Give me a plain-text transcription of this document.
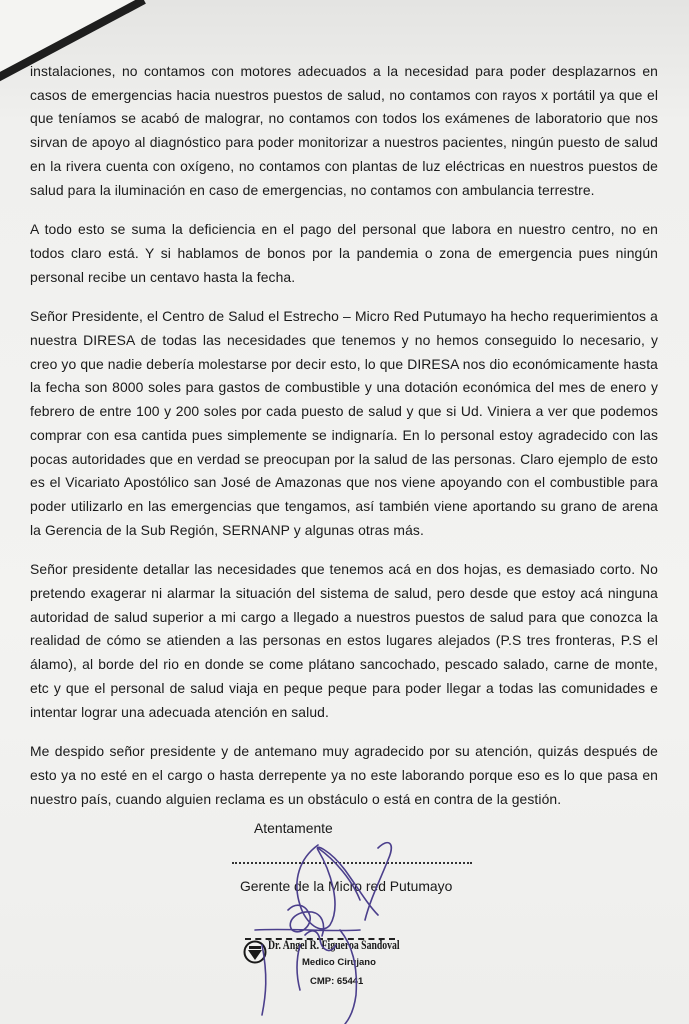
instalaciones, no contamos con motores adecuados a la necesidad para poder desplazarnos en casos de emergencias hacia nuestros puestos de salud, no contamos con rayos x portátil ya que el que teníamos se acabó de malograr, no contamos con todos los exámenes de laboratorio que nos sirvan de apoyo al diagnóstico para poder monitorizar a nuestros pacientes, ningún puesto de salud en la rivera cuenta con oxígeno, no contamos con plantas de luz eléctricas en nuestros puestos de salud para la iluminación en caso de emergencias, no contamos con ambulancia terrestre.

A todo esto se suma la deficiencia en el pago del personal que labora en nuestro centro, no en todos claro está. Y si hablamos de bonos por la pandemia o zona de emergencia pues ningún personal recibe un centavo hasta la fecha.

Señor Presidente, el Centro de Salud el Estrecho – Micro Red Putumayo ha hecho requerimientos a nuestra DIRESA de todas las necesidades que tenemos y no hemos conseguido lo necesario, y creo yo que nadie debería molestarse por decir esto, lo que DIRESA nos dio económicamente hasta la fecha son 8000 soles para gastos de combustible y una dotación económica del mes de enero y febrero de entre 100 y 200 soles por cada puesto de salud y que si Ud. Viniera a ver que podemos comprar con esa cantida pues simplemente se indignaría. En lo personal estoy agradecido con las pocas autoridades que en verdad se preocupan por la salud de las personas. Claro ejemplo de esto es el Vicariato Apostólico san José de Amazonas que nos viene apoyando con el combustible para poder utilizarlo en las emergencias que tengamos, así también viene aportando su grano de arena la Gerencia de la Sub Región, SERNANP y algunas otras más.

Señor presidente detallar las necesidades que tenemos acá en dos hojas, es demasiado corto. No pretendo exagerar ni alarmar la situación del sistema de salud, pero desde que estoy acá ninguna autoridad de salud superior a mi cargo a llegado a nuestros puestos de salud para que conozca la realidad de cómo se atienden a las personas en estos lugares alejados (P.S tres fronteras, P.S el álamo), al borde del rio en donde se come plátano sancochado, pescado salado, carne de monte, etc y que el personal de salud viaja en peque peque para poder llegar a todas las comunidades e intentar lograr una adecuada atención en salud.

Me despido señor presidente y de antemano muy agradecido por su atención, quizás después de esto ya no esté en el cargo o hasta derrepente ya no este laborando porque eso es lo que pasa en nuestro país, cuando alguien reclama es un obstáculo o está en contra de la gestión.

Atentamente
Gerente de la Micro red Putumayo
Dr. Angel R. Figueroa Sandoval
Medico Cirujano
CMP: 65441
